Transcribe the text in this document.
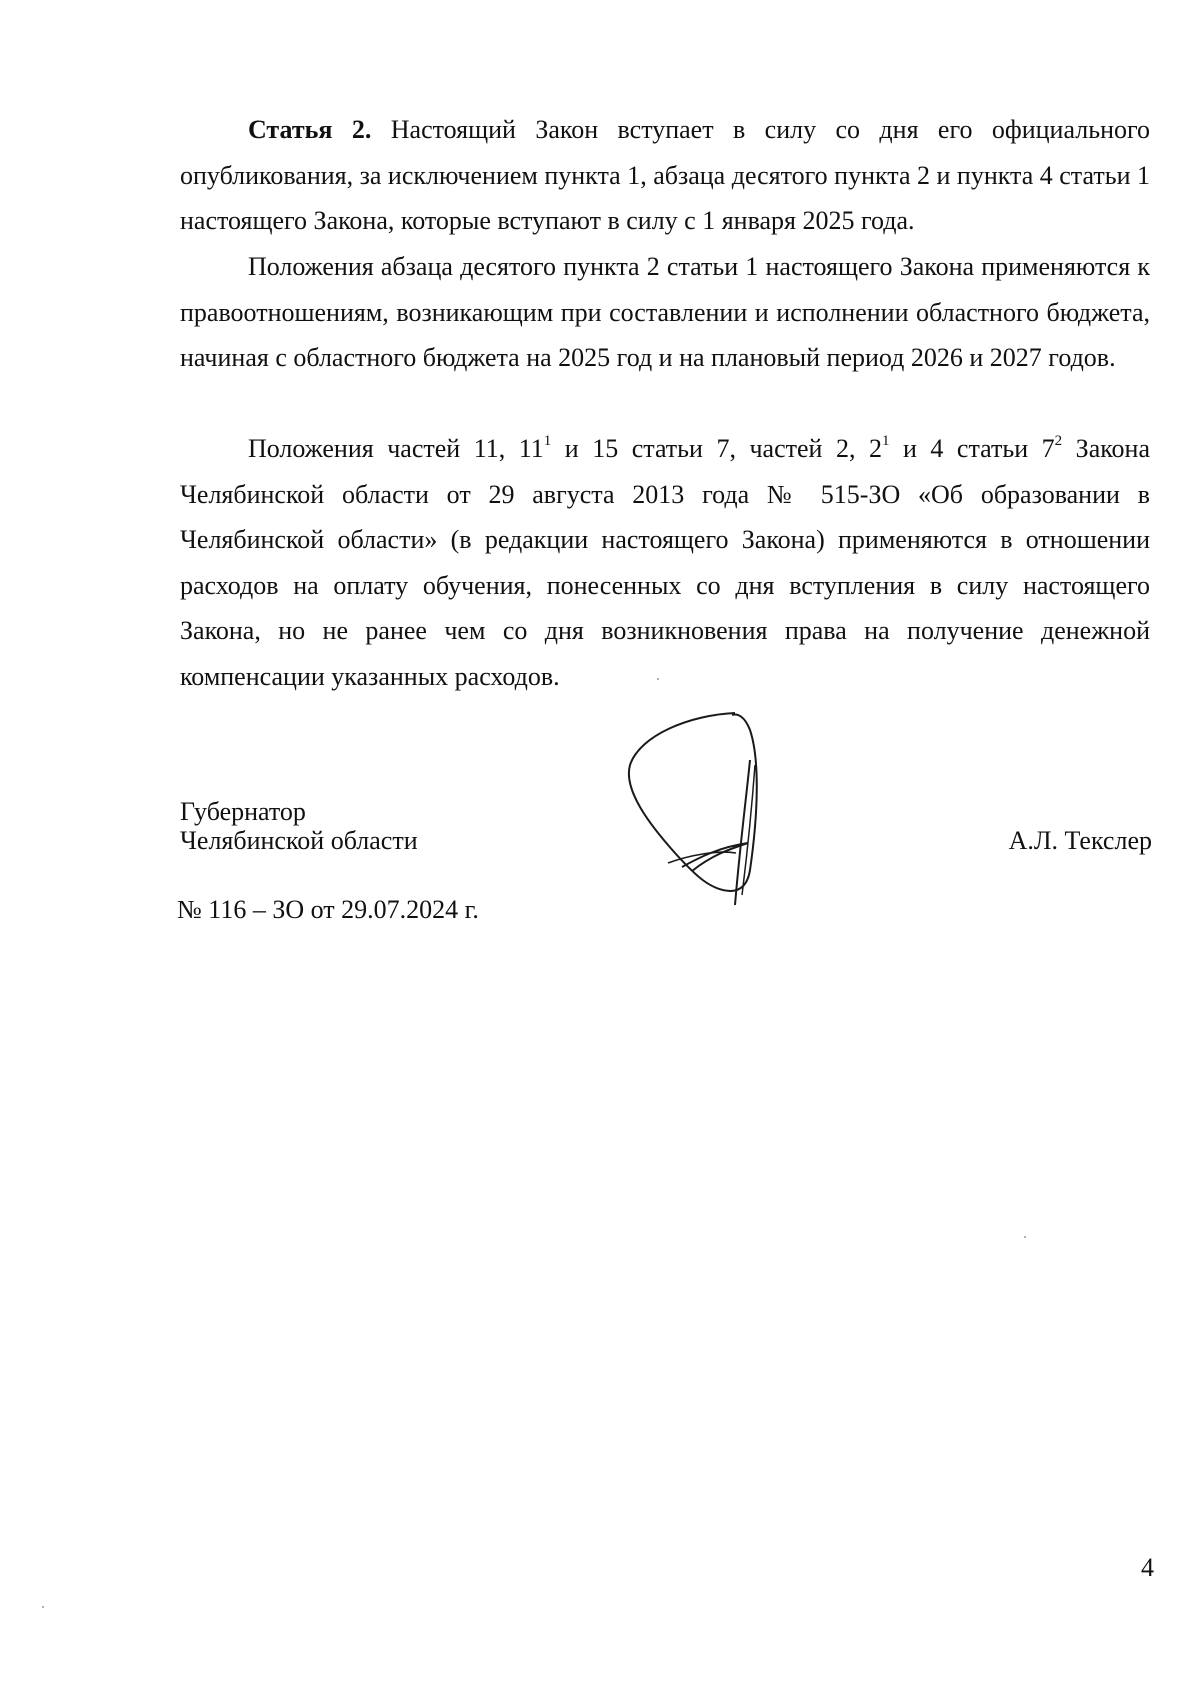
Статья 2. Настоящий Закон вступает в силу со дня его официального опубликования, за исключением пункта 1, абзаца десятого пункта 2 и пункта 4 статьи 1 настоящего Закона, которые вступают в силу с 1 января 2025 года.

Положения абзаца десятого пункта 2 статьи 1 настоящего Закона применяются к правоотношениям, возникающим при составлении и исполнении областного бюджета, начиная с областного бюджета на 2025 год и на плановый период 2026 и 2027 годов.

Положения частей 11, $11^1$ и 15 статьи 7, частей 2, $2^1$ и 4 статьи $7^2$ Закона Челябинской области от 29 августа 2013 года № 515-ЗО «Об образовании в Челябинской области» (в редакции настоящего Закона) применяются в отношении расходов на оплату обучения, понесенных со дня вступления в силу настоящего Закона, но не ранее чем со дня возникновения права на получение денежной компенсации указанных расходов.

Губернатор
Челябинской области	А.Л. Текслер
№ 116 – ЗО от 29.07.2024 г.
4
